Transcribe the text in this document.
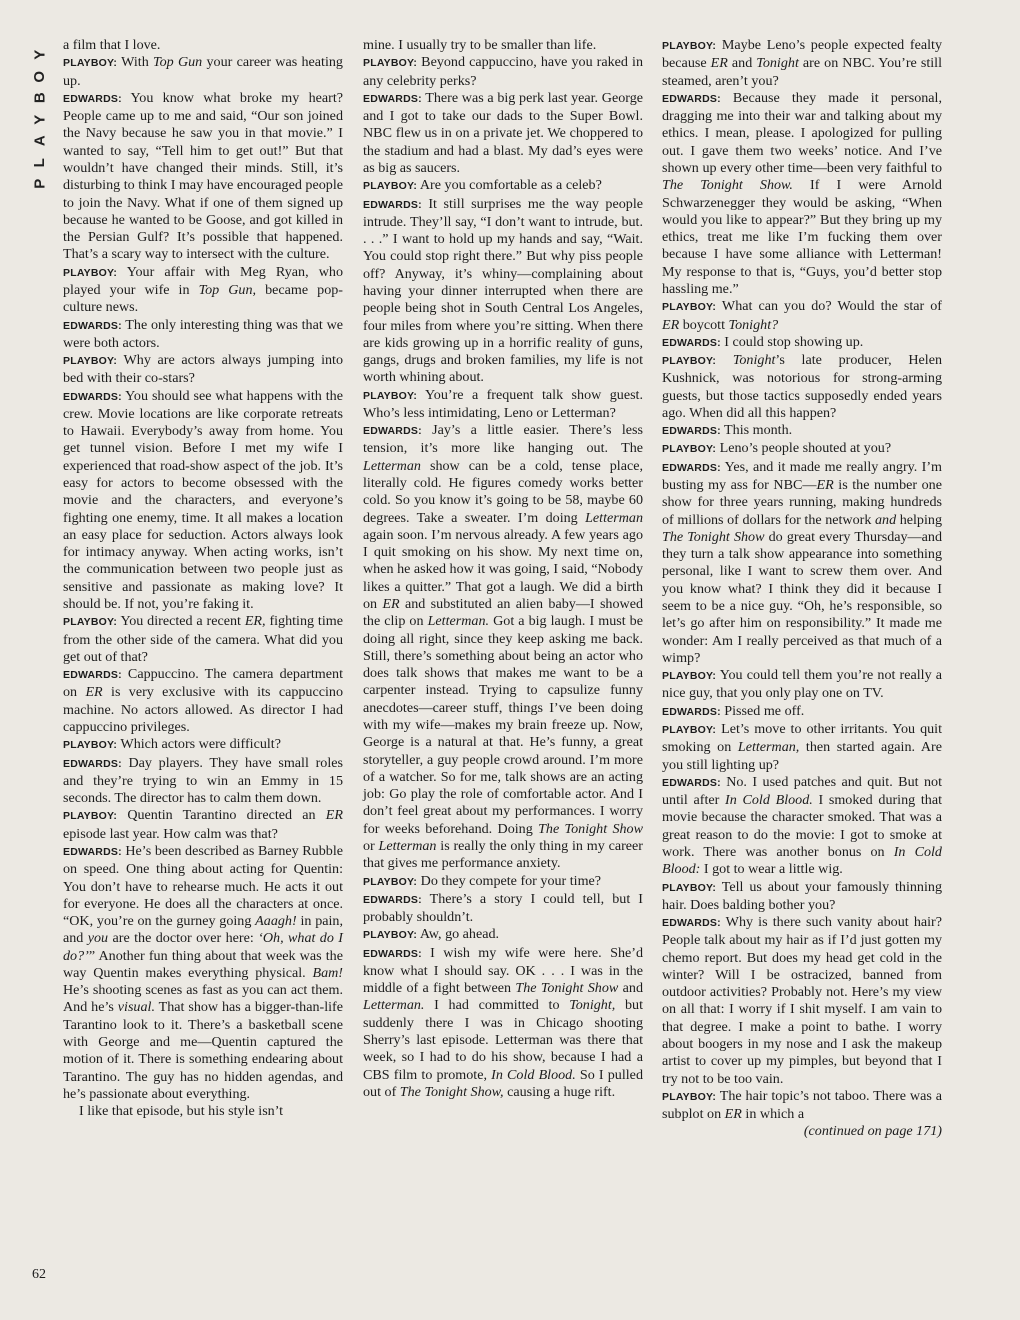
Y
O
B
Y
A
L
P

a film that I love.

PLAYBOY: With Top Gun your career was heating up.

EDWARDS: You know what broke my heart? People came up to me and said, “Our son joined the Navy because he saw you in that movie.” I wanted to say, “Tell him to get out!” But that wouldn’t have changed their minds. Still, it’s disturbing to think I may have encouraged people to join the Navy. What if one of them signed up because he wanted to be Goose, and got killed in the Persian Gulf? It’s possible that happened. That’s a scary way to intersect with the culture.

PLAYBOY: Your affair with Meg Ryan, who played your wife in Top Gun, became pop-culture news.

EDWARDS: The only interesting thing was that we were both actors.

PLAYBOY: Why are actors always jumping into bed with their co-stars?

EDWARDS: You should see what happens with the crew. Movie locations are like corporate retreats to Hawaii. Everybody’s away from home. You get tunnel vision. Before I met my wife I experienced that road-show aspect of the job. It’s easy for actors to become obsessed with the movie and the characters, and everyone’s fighting one enemy, time. It all makes a location an easy place for seduction. Actors always look for intimacy anyway. When acting works, isn’t the communication between two people just as sensitive and passionate as making love? It should be. If not, you’re faking it.

PLAYBOY: You directed a recent ER, fighting time from the other side of the camera. What did you get out of that?

EDWARDS: Cappuccino. The camera department on ER is very exclusive with its cappuccino machine. No actors allowed. As director I had cappuccino privileges.

PLAYBOY: Which actors were difficult?

EDWARDS: Day players. They have small roles and they’re trying to win an Emmy in 15 seconds. The director has to calm them down.

PLAYBOY: Quentin Tarantino directed an ER episode last year. How calm was that?

EDWARDS: He’s been described as Barney Rubble on speed. One thing about acting for Quentin: You don’t have to rehearse much. He acts it out for everyone. He does all the characters at once. “OK, you’re on the gurney going Aaagh! in pain, and you are the doctor over here: ‘Oh, what do I do?’” Another fun thing about that week was the way Quentin makes everything physical. Bam! He’s shooting scenes as fast as you can act them. And he’s visual. That show has a bigger-than-life Tarantino look to it. There’s a basketball scene with George and me—Quentin captured the motion of it. There is something endearing about Tarantino. The guy has no hidden agendas, and he’s passionate about everything.

I like that episode, but his style isn’t

mine. I usually try to be smaller than life.

PLAYBOY: Beyond cappuccino, have you raked in any celebrity perks?

EDWARDS: There was a big perk last year. George and I got to take our dads to the Super Bowl. NBC flew us in on a private jet. We choppered to the stadium and had a blast. My dad’s eyes were as big as saucers.

PLAYBOY: Are you comfortable as a celeb?

EDWARDS: It still surprises me the way people intrude. They’ll say, “I don’t want to intrude, but. . . .” I want to hold up my hands and say, “Wait. You could stop right there.” But why piss people off? Anyway, it’s whiny—complaining about having your dinner interrupted when there are people being shot in South Central Los Angeles, four miles from where you’re sitting. When there are kids growing up in a horrific reality of guns, gangs, drugs and broken families, my life is not worth whining about.

PLAYBOY: You’re a frequent talk show guest. Who’s less intimidating, Leno or Letterman?

EDWARDS: Jay’s a little easier. There’s less tension, it’s more like hanging out. The Letterman show can be a cold, tense place, literally cold. He figures comedy works better cold. So you know it’s going to be 58, maybe 60 degrees. Take a sweater. I’m doing Letterman again soon. I’m nervous already. A few years ago I quit smoking on his show. My next time on, when he asked how it was going, I said, “Nobody likes a quitter.” That got a laugh. We did a birth on ER and substituted an alien baby—I showed the clip on Letterman. Got a big laugh. I must be doing all right, since they keep asking me back. Still, there’s something about being an actor who does talk shows that makes me want to be a carpenter instead. Trying to capsulize funny anecdotes—career stuff, things I’ve been doing with my wife—makes my brain freeze up. Now, George is a natural at that. He’s funny, a great storyteller, a guy people crowd around. I’m more of a watcher. So for me, talk shows are an acting job: Go play the role of comfortable actor. And I don’t feel great about my performances. I worry for weeks beforehand. Doing The Tonight Show or Letterman is really the only thing in my career that gives me performance anxiety.

PLAYBOY: Do they compete for your time?

EDWARDS: There’s a story I could tell, but I probably shouldn’t.

PLAYBOY: Aw, go ahead.

EDWARDS: I wish my wife were here. She’d know what I should say. OK . . . I was in the middle of a fight between The Tonight Show and Letterman. I had committed to Tonight, but suddenly there I was in Chicago shooting Sherry’s last episode. Letterman was there that week, so I had to do his show, because I had a CBS film to promote, In Cold Blood. So I pulled out of The Tonight Show, causing a huge rift.

PLAYBOY: Maybe Leno’s people expected fealty because ER and Tonight are on NBC. You’re still steamed, aren’t you?

EDWARDS: Because they made it personal, dragging me into their war and talking about my ethics. I mean, please. I apologized for pulling out. I gave them two weeks’ notice. And I’ve shown up every other time—been very faithful to The Tonight Show. If I were Arnold Schwarzenegger they would be asking, “When would you like to appear?” But they bring up my ethics, treat me like I’m fucking them over because I have some alliance with Letterman! My response to that is, “Guys, you’d better stop hassling me.”

PLAYBOY: What can you do? Would the star of ER boycott Tonight?

EDWARDS: I could stop showing up.

PLAYBOY: Tonight’s late producer, Helen Kushnick, was notorious for strong-arming guests, but those tactics supposedly ended years ago. When did all this happen?

EDWARDS: This month.

PLAYBOY: Leno’s people shouted at you?

EDWARDS: Yes, and it made me really angry. I’m busting my ass for NBC—ER is the number one show for three years running, making hundreds of millions of dollars for the network and helping The Tonight Show do great every Thursday—and they turn a talk show appearance into something personal, like I want to screw them over. And you know what? I think they did it because I seem to be a nice guy. “Oh, he’s responsible, so let’s go after him on responsibility.” It made me wonder: Am I really perceived as that much of a wimp?

PLAYBOY: You could tell them you’re not really a nice guy, that you only play one on TV.

EDWARDS: Pissed me off.

PLAYBOY: Let’s move to other irritants. You quit smoking on Letterman, then started again. Are you still lighting up?

EDWARDS: No. I used patches and quit. But not until after In Cold Blood. I smoked during that movie because the character smoked. That was a great reason to do the movie: I got to smoke at work. There was another bonus on In Cold Blood: I got to wear a little wig.

PLAYBOY: Tell us about your famously thinning hair. Does balding bother you?

EDWARDS: Why is there such vanity about hair? People talk about my hair as if I’d just gotten my chemo report. But does my head get cold in the winter? Will I be ostracized, banned from outdoor activities? Probably not. Here’s my view on all that: I worry if I shit myself. I am vain to that degree. I make a point to bathe. I worry about boogers in my nose and I ask the makeup artist to cover up my pimples, but beyond that I try not to be too vain.

PLAYBOY: The hair topic’s not taboo. There was a subplot on ER in which a

(continued on page 171)

62
